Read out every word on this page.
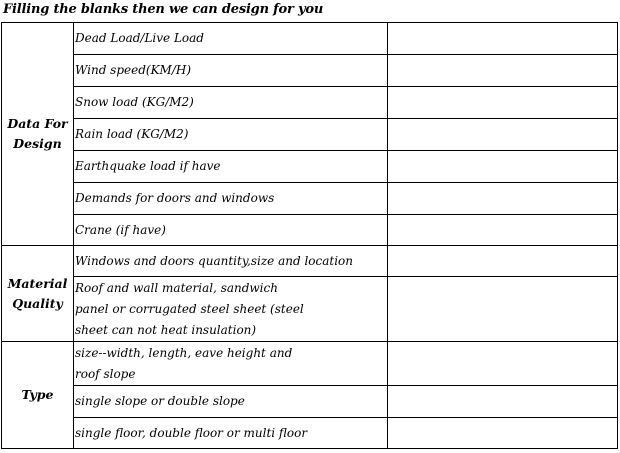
Filling the blanks then we can design for you
Data For Design	Dead Load/Live Load	
	Wind speed(KM/H)	
	Snow load (KG/M2)	
	Rain load (KG/M2)	
	Earthquake load if have	
	Demands for doors and windows	
	Crane (if have)	
Material Quality	Windows and doors quantity,size and location	

	Roof and wall material, sandwich panel or corrugated steel sheet (steel sheet can not heat insulation)	

Type	size--width, length, eave height and roof slope	

	single slope or double slope	
	single floor, double floor or multi floor	
